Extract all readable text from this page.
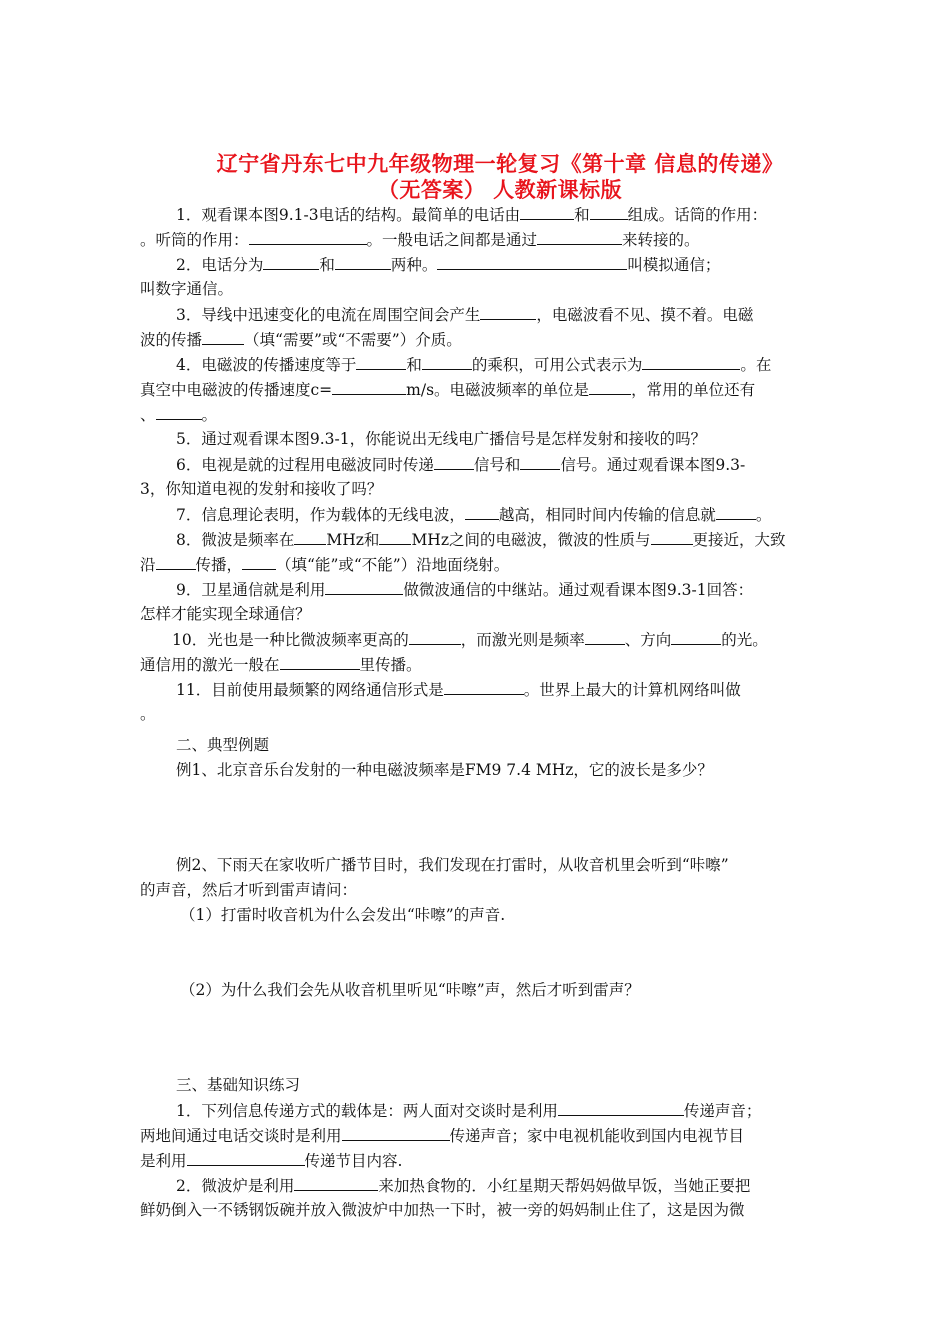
辽宁省丹东七中九年级物理一轮复习《第十章 信息的传递》
（无答案） 人教新课标版
1．观看课本图9.1-3电话的结构。最简单的电话由	和 组成。话筒的作用：
。听筒的作用：	。一般电话之间都是通过	来转接的。
2．电话分为	和	两种。	叫模拟通信；
叫数字通信。
3．导线中迅速变化的电流在周围空间会产生	，电磁波看不见、摸不着。电磁
波的传播	（填“需要”或“不需要”）介质。
4．电磁波的传播速度等于	和	的乘积，可用公式表示为	。在
真空中电磁波的传播速度c=	m/s。电磁波频率的单位是	，常用的单位还有
、	。
5．通过观看课本图9.3-1，你能说出无线电广播信号是怎样发射和接收的吗？
6．电视是就的过程用电磁波同时传递	信号和	信号。通过观看课本图9.3-
3，你知道电视的发射和接收了吗？
7．信息理论表明，作为载体的无线电波， 越高，相同时间内传输的信息就	。
8．微波是频率在 MHz和 MHz之间的电磁波，微波的性质与	更接近，大致
沿	传播， （填“能”或“不能”）沿地面绕射。
9．卫星通信就是利用	做微波通信的中继站。通过观看课本图9.3-1回答：
怎样才能实现全球通信？
10．光也是一种比微波频率更高的	，而激光则是频率	、方向	的光。
通信用的激光一般在	里传播。
11．目前使用最频繁的网络通信形式是	。世界上最大的计算机网络叫做
。
二、典型例题
例1、北京音乐台发射的一种电磁波频率是FM9 7.4 MHz，它的波长是多少？
例2、下雨天在家收听广播节目时，我们发现在打雷时，从收音机里会听到“咔嚓”
的声音，然后才听到雷声请问：
（1）打雷时收音机为什么会发出“咔嚓”的声音.
（2）为什么我们会先从收音机里听见“咔嚓”声，然后才听到雷声？
三、基础知识练习
1．下列信息传递方式的载体是：两人面对交谈时是利用	传递声音；
两地间通过电话交谈时是利用	传递声音；家中电视机能收到国内电视节目
是利用	传递节目内容.
2．微波炉是利用	来加热食物的．小红星期天帮妈妈做早饭，当她正要把
鲜奶倒入一不锈钢饭碗并放入微波炉中加热一下时，被一旁的妈妈制止住了，这是因为微
